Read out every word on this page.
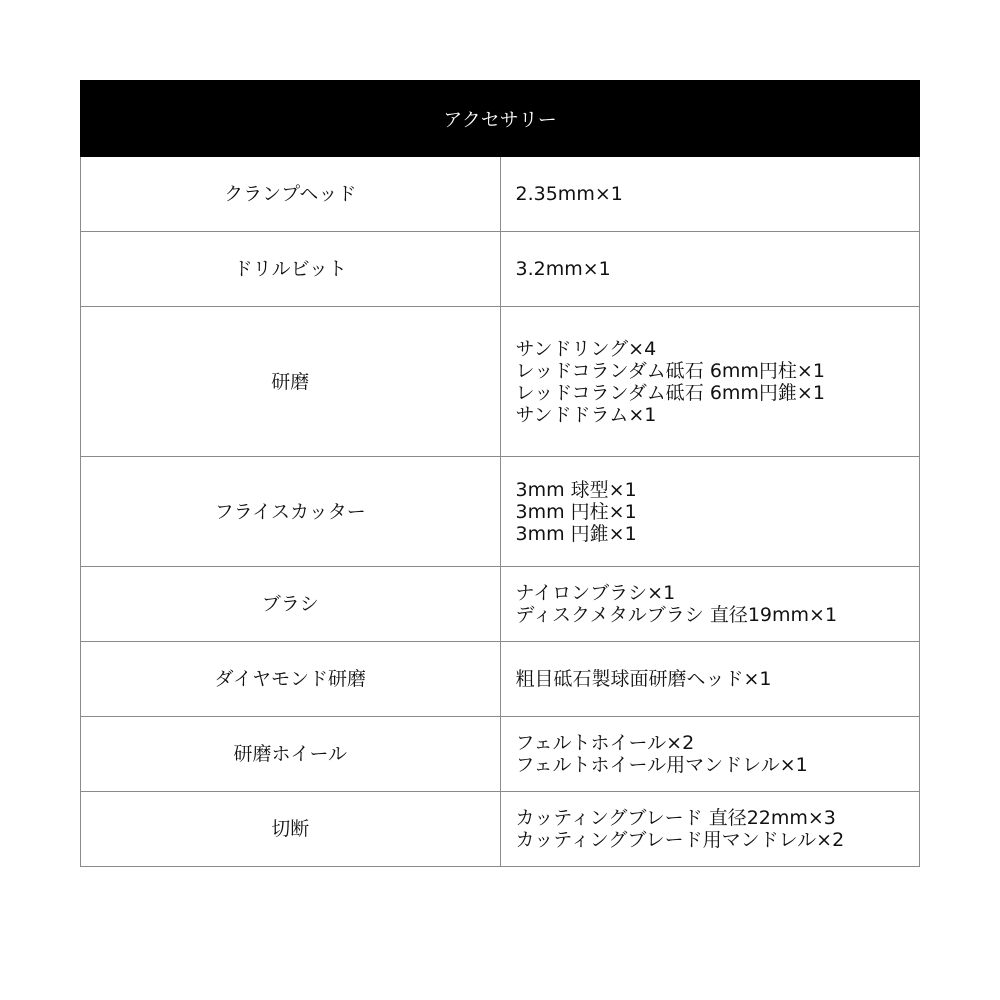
アクセサリー	
クランプヘッド	2.35mm×1

ドリルビット	3.2mm×1

研磨	サンドリング×4
レッドコランダム砥石 6mm円柱×1
レッドコランダム砥石 6mm円錐×1
サンドドラム×1

フライスカッター	3mm 球型×1
3mm 円柱×1
3mm 円錐×1

ブラシ	ナイロンブラシ×1
ディスクメタルブラシ 直径19mm×1

ダイヤモンド研磨	粗目砥石製球面研磨ヘッド×1

研磨ホイール	フェルトホイール×2
フェルトホイール用マンドレル×1

切断	カッティングブレード 直径22mm×3
カッティングブレード用マンドレル×2
